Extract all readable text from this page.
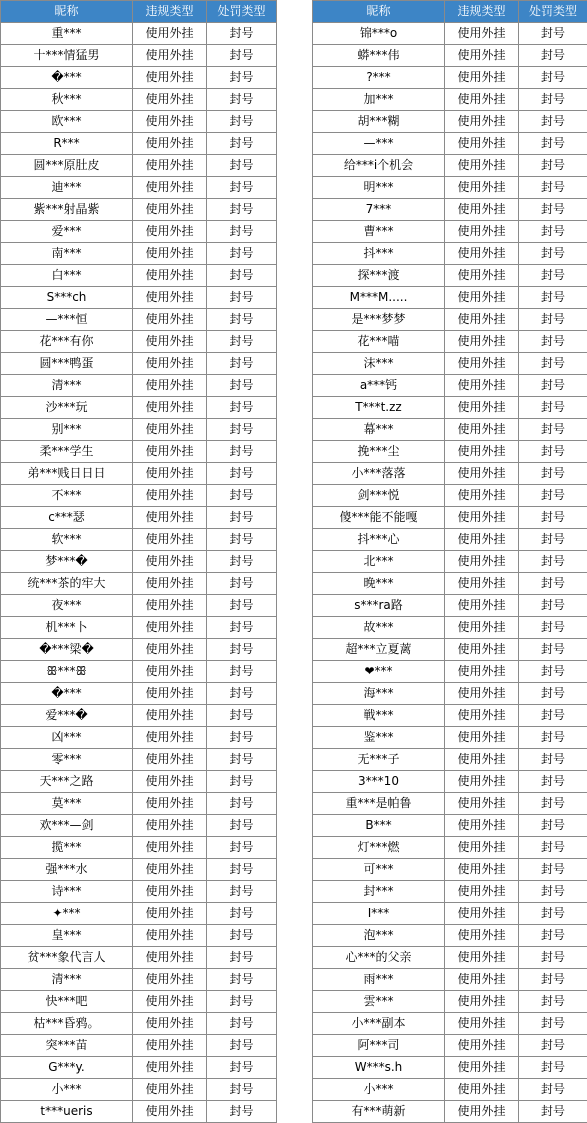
昵称	违规类型	处罚类型
重***	使用外挂	封号
十***情猛男	使用外挂	封号
�***	使用外挂	封号
秋***	使用外挂	封号
欧***	使用外挂	封号
R***	使用外挂	封号
圆***原肚皮	使用外挂	封号
迪***	使用外挂	封号
紫***射晶紫	使用外挂	封号
爱***	使用外挂	封号
南***	使用外挂	封号
白***	使用外挂	封号
S***ch	使用外挂	封号
—***恒	使用外挂	封号
花***有你	使用外挂	封号
圆***鸭蛋	使用外挂	封号
清***	使用外挂	封号
沙***玩	使用外挂	封号
别***	使用外挂	封号
柔***学生	使用外挂	封号
弟***贱日日日	使用外挂	封号
不***	使用外挂	封号
c***瑟	使用外挂	封号
软***	使用外挂	封号
梦***�	使用外挂	封号
统***茶的牢大	使用外挂	封号
夜***	使用外挂	封号
机***卜	使用外挂	封号
�***梁�	使用外挂	封号
ꕥ***ꕥ	使用外挂	封号
�***	使用外挂	封号
爱***�	使用外挂	封号
凶***	使用外挂	封号
零***	使用外挂	封号
天***之路	使用外挂	封号
莫***	使用外挂	封号
欢***—剑	使用外挂	封号
揽***	使用外挂	封号
强***水	使用外挂	封号
诗***	使用外挂	封号
✦***	使用外挂	封号
皇***	使用外挂	封号
贫***象代言人	使用外挂	封号
清***	使用外挂	封号
快***吧	使用外挂	封号
枯***昏鸦。	使用外挂	封号
突***苗	使用外挂	封号
G***y.	使用外挂	封号
小***	使用外挂	封号
t***ueris	使用外挂	封号
昵称	违规类型	处罚类型
锦***o	使用外挂	封号
蟒***伟	使用外挂	封号
?***	使用外挂	封号
加***	使用外挂	封号
胡***糊	使用外挂	封号
—***	使用外挂	封号
给***i个机会	使用外挂	封号
明***	使用外挂	封号
7***	使用外挂	封号
曹***	使用外挂	封号
抖***	使用外挂	封号
探***渡	使用外挂	封号
M***M.....	使用外挂	封号
是***梦梦	使用外挂	封号
花***喵	使用外挂	封号
沫***	使用外挂	封号
a***钙	使用外挂	封号
T***t.zz	使用外挂	封号
幕***	使用外挂	封号
挽***尘	使用外挂	封号
小***落落	使用外挂	封号
剑***悦	使用外挂	封号
傻***能不能嘎	使用外挂	封号
抖***心	使用外挂	封号
北***	使用外挂	封号
晚***	使用外挂	封号
s***ra路	使用外挂	封号
故***	使用外挂	封号
超***立夏蓠	使用外挂	封号
❤***	使用外挂	封号
海***	使用外挂	封号
戦***	使用外挂	封号
鉴***	使用外挂	封号
无***子	使用外挂	封号
3***10	使用外挂	封号
重***是帕鲁	使用外挂	封号
B***	使用外挂	封号
灯***燃	使用外挂	封号
可***	使用外挂	封号
封***	使用外挂	封号
I***	使用外挂	封号
泡***	使用外挂	封号
心***的父亲	使用外挂	封号
雨***	使用外挂	封号
雲***	使用外挂	封号
小***副本	使用外挂	封号
阿***司	使用外挂	封号
W***s.h	使用外挂	封号
小***	使用外挂	封号
有***萌新	使用外挂	封号
